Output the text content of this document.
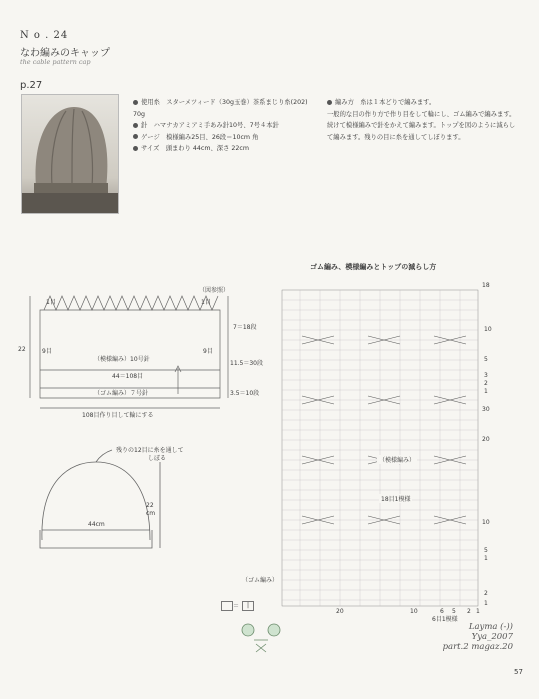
N o . 24
なわ編みのキャップ
the cable pattern cap
p.27
使用糸　 スターメツィード（30g玉巻）茶系まじり糸(202) 70g
針　 ハマナカアミアミ手あみ針10号、7号４本針
ゲージ　 模様編み25目、26段＝10cm 角
サイズ　 頭まわり 44cm、深さ 22cm
編み方　 糸は１本どりで編みます。
一般的な目の作り方で作り目をして輪にし、ゴム編みで編みます。続けて模様編みで針をかえて編みます。トップを図のように減らして編みます。残りの目に糸を通してしぼります。
（図参照）
1目	1目
9目	9目
22
7＝18段
11.5＝30段
3.5＝10段
（模様編み）10号針
44＝108目
（ゴム編み）７号針
108目作り目して輪にする
残りの12目に糸を通して
しぼる
44cm
22
cm
ゴム編み、模様編みとトップの減らし方
（模様編み）
18目1模様
（ゴム編み）
6目1模様
18
10
5
3
2
1
30
20
10
5
1
2
1
20	10	6 5 2 1
＝	|
Layma (-))
Yya_2007
part.2 magaz.20
57
